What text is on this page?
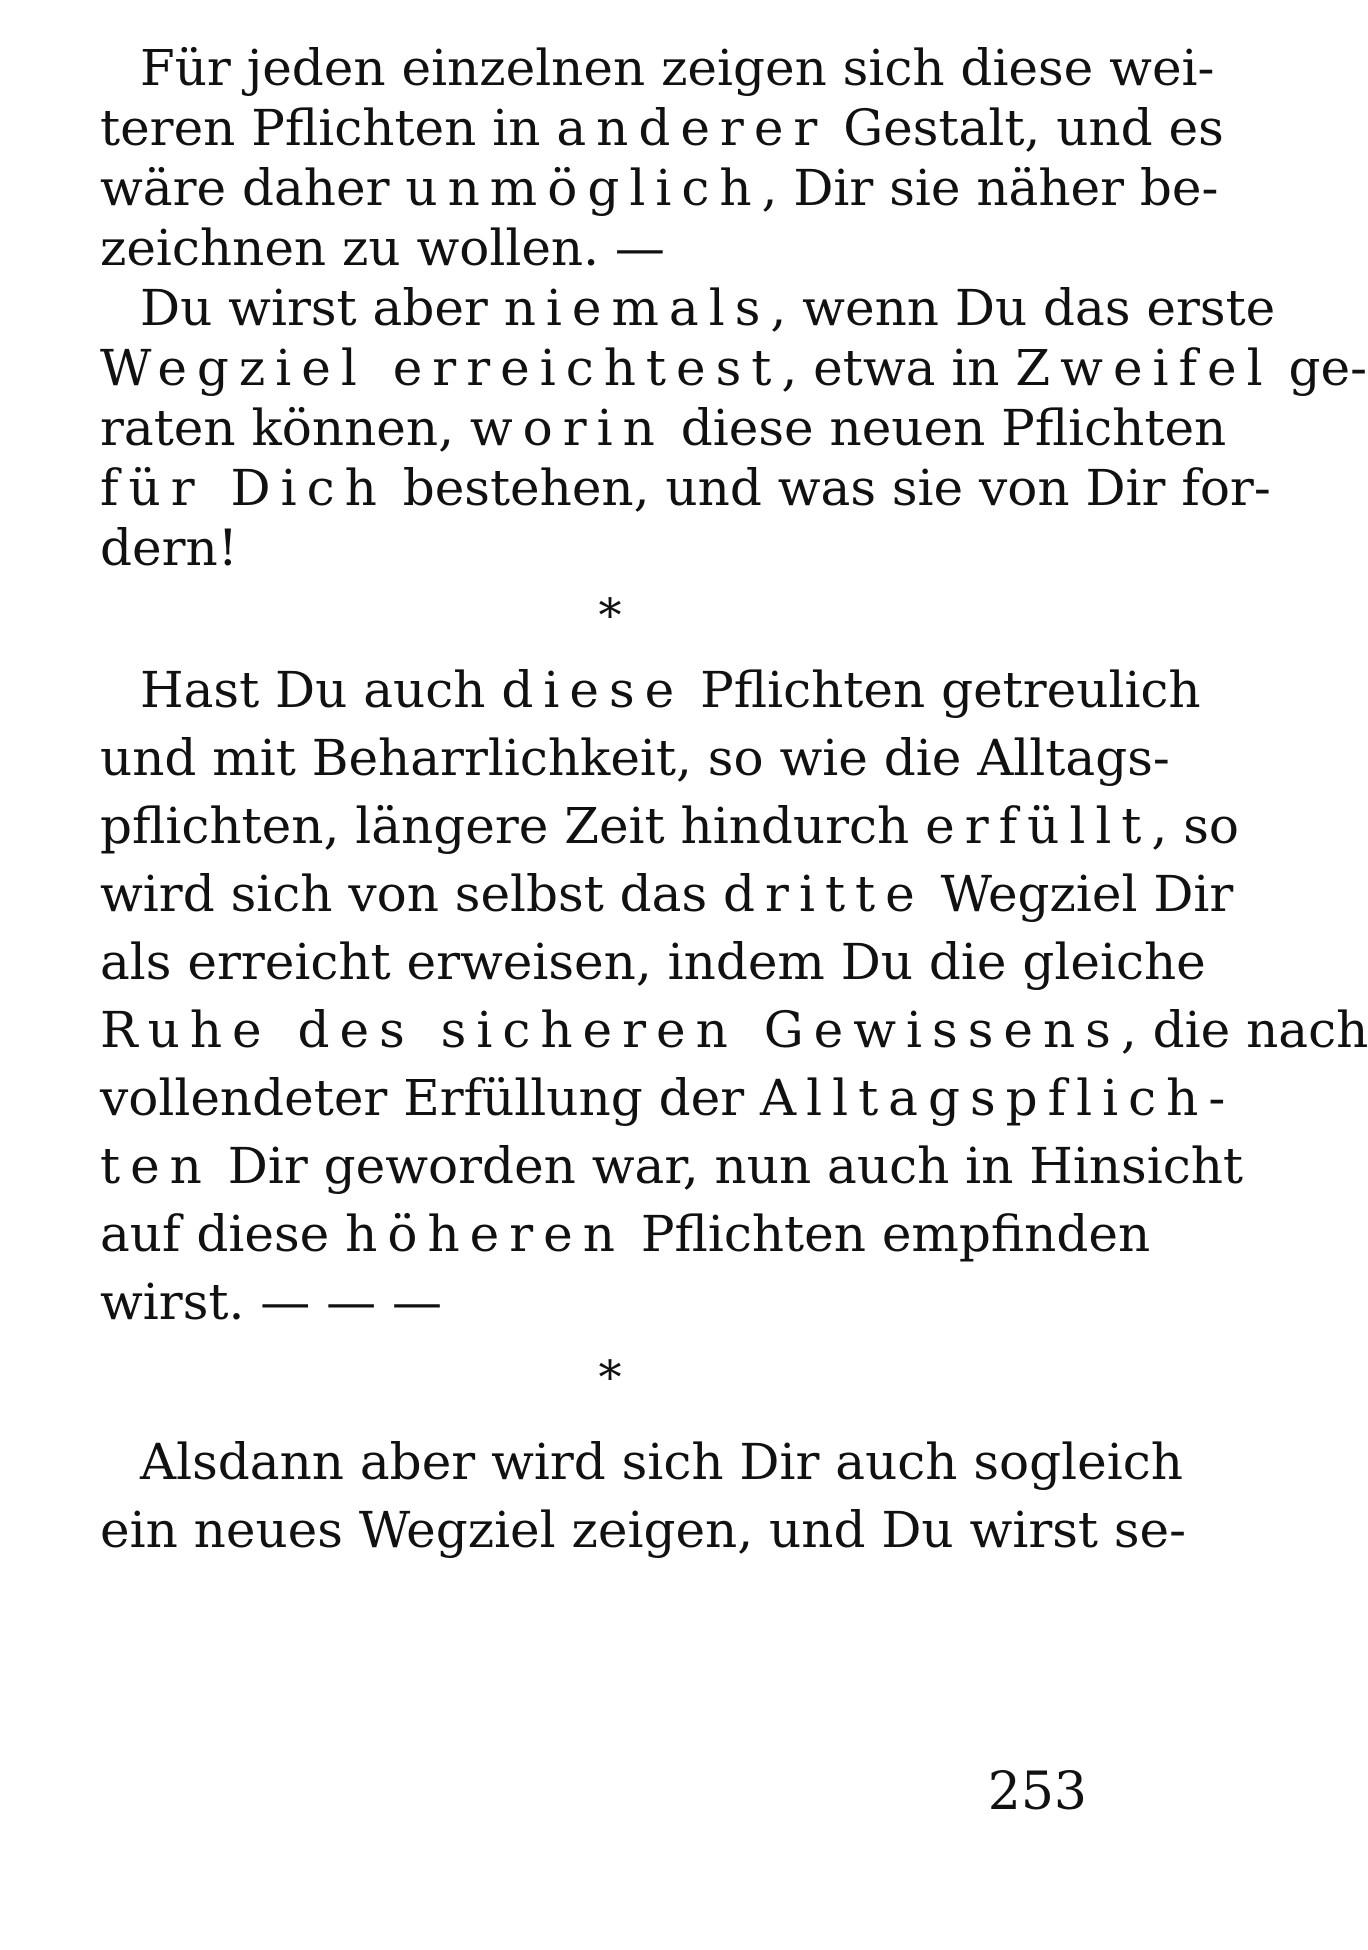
Für jeden einzelnen zeigen sich diese wei-
teren Pflichten in anderer Gestalt, und es
wäre daher unmöglich, Dir sie näher be-
zeichnen zu wollen. —
Du wirst aber niemals, wenn Du das erste
Wegziel erreichtest, etwa in Zweifel ge-
raten können, worin diese neuen Pflichten
für Dich bestehen, und was sie von Dir for-
dern!
*
Hast Du auch diese Pflichten getreulich
und mit Beharrlichkeit, so wie die Alltags-
pflichten, längere Zeit hindurch erfüllt, so
wird sich von selbst das dritte Wegziel Dir
als erreicht erweisen, indem Du die gleiche
Ruhe des sicheren Gewissens, die nach
vollendeter Erfüllung der Alltagspflich-
ten Dir geworden war, nun auch in Hinsicht
auf diese höheren Pflichten empfinden
wirst. — — —
*
Alsdann aber wird sich Dir auch sogleich
ein neues Wegziel zeigen, und Du wirst se-
253
